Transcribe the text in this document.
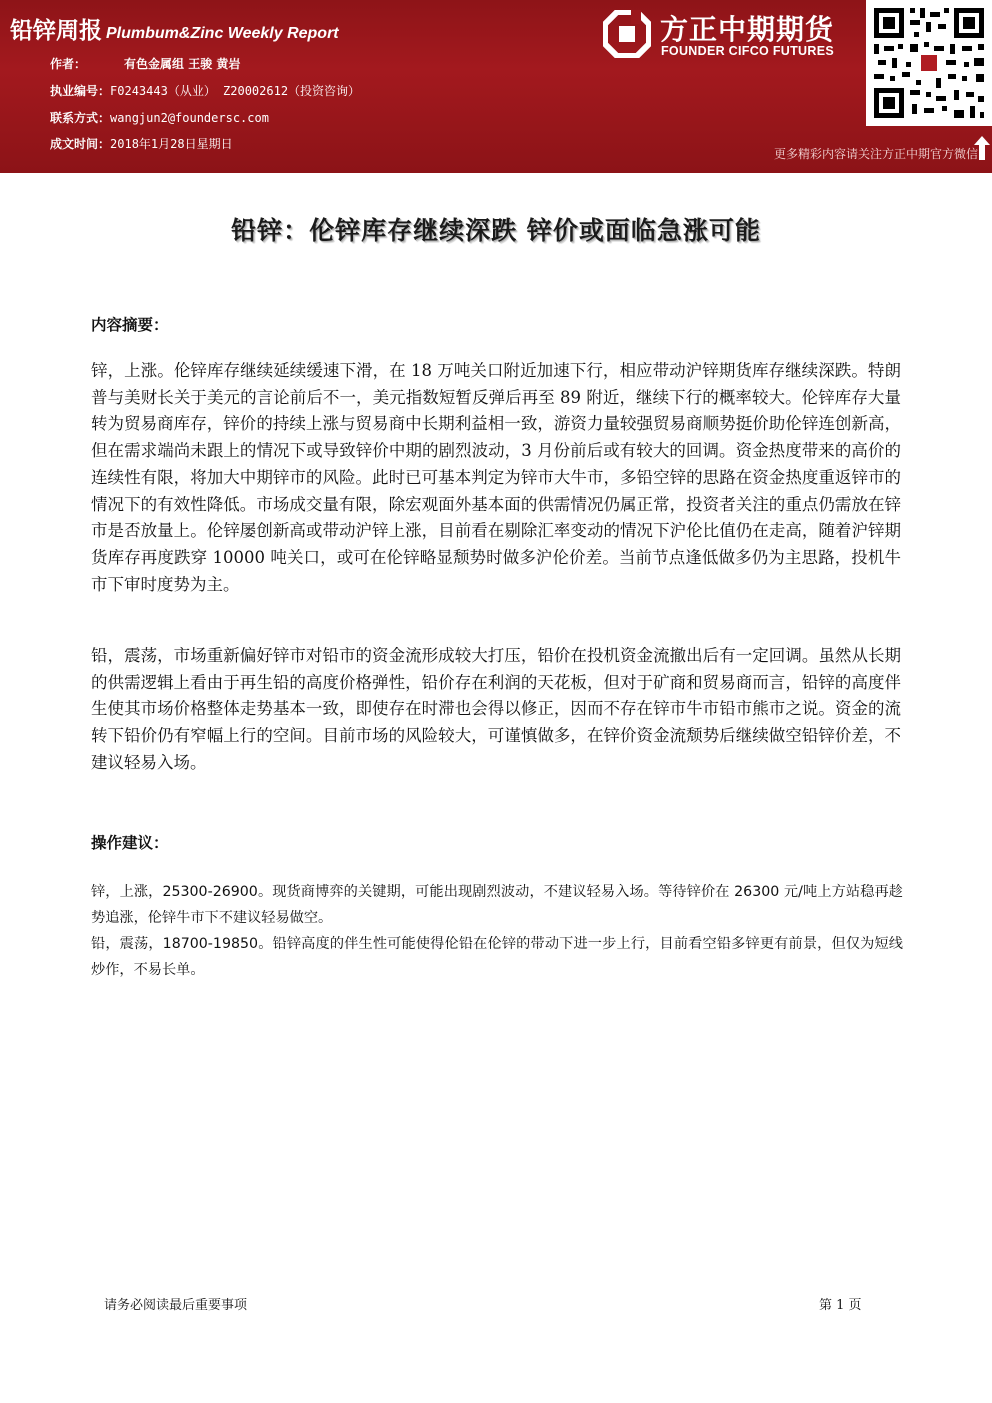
铅锌周报 Plumbum&Zinc Weekly Report
作者：	有色金属组 王骏 黄岩
执业编号：F0243443（从业） Z20002612（投资咨询）
联系方式：wangjun2@foundersc.com
成文时间：2018年1月28日星期日
方正中期期货
FOUNDER CIFCO FUTURES
更多精彩内容请关注方正中期官方微信
铅锌：伦锌库存继续深跌 锌价或面临急涨可能
内容摘要：
锌，上涨。伦锌库存继续延续缓速下滑，在 18 万吨关口附近加速下行，相应带动沪锌期货库存继续深跌。特朗普与美财长关于美元的言论前后不一，美元指数短暂反弹后再至 89 附近，继续下行的概率较大。伦锌库存大量转为贸易商库存，锌价的持续上涨与贸易商中长期利益相一致，游资力量较强贸易商顺势挺价助伦锌连创新高，但在需求端尚未跟上的情况下或导致锌价中期的剧烈波动，3 月份前后或有较大的回调。资金热度带来的高价的连续性有限，将加大中期锌市的风险。此时已可基本判定为锌市大牛市，多铅空锌的思路在资金热度重返锌市的情况下的有效性降低。市场成交量有限，除宏观面外基本面的供需情况仍属正常，投资者关注的重点仍需放在锌市是否放量上。伦锌屡创新高或带动沪锌上涨，目前看在剔除汇率变动的情况下沪伦比值仍在走高，随着沪锌期货库存再度跌穿 10000 吨关口，或可在伦锌略显颓势时做多沪伦价差。当前节点逢低做多仍为主思路，投机牛市下审时度势为主。
铅，震荡，市场重新偏好锌市对铅市的资金流形成较大打压，铅价在投机资金流撤出后有一定回调。虽然从长期的供需逻辑上看由于再生铅的高度价格弹性，铅价存在利润的天花板，但对于矿商和贸易商而言，铅锌的高度伴生使其市场价格整体走势基本一致，即使存在时滞也会得以修正，因而不存在锌市牛市铅市熊市之说。资金的流转下铅价仍有窄幅上行的空间。目前市场的风险较大，可谨慎做多，在锌价资金流颓势后继续做空铅锌价差，不建议轻易入场。
操作建议：
锌，上涨，25300-26900。现货商博弈的关键期，可能出现剧烈波动，不建议轻易入场。等待锌价在 26300 元/吨上方站稳再趁势追涨，伦锌牛市下不建议轻易做空。
铅，震荡，18700-19850。铅锌高度的伴生性可能使得伦铅在伦锌的带动下进一步上行，目前看空铅多锌更有前景，但仅为短线炒作，不易长单。
请务必阅读最后重要事项	第 1 页
